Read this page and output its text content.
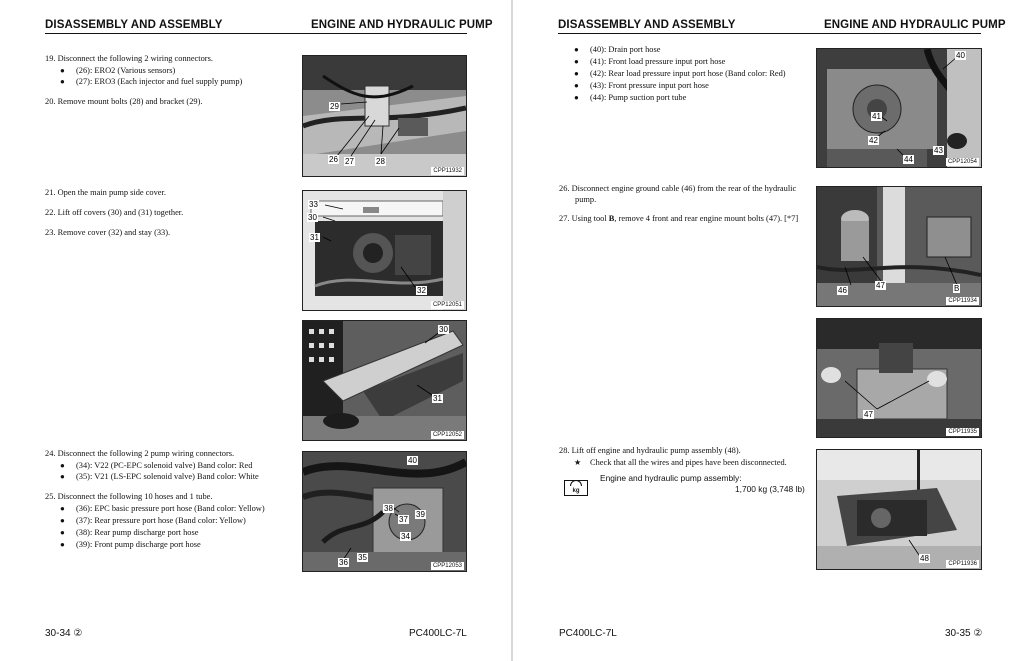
DISASSEMBLY AND ASSEMBLY	ENGINE AND HYDRAULIC PUMP
19. Disconnect the following 2 wiring connectors.
● (26): ERO2 (Various sensors)
● (27): ERO3 (Each injector and fuel supply pump)
20. Remove mount bolts (28) and bracket (29).
21. Open the main pump side cover.
22. Lift off covers (30) and (31) together.
23. Remove cover (32) and stay (33).
24. Disconnect the following 2 pump wiring connectors.
● (34): V22 (PC-EPC solenoid valve) Band color: Red
● (35): V21 (LS-EPC solenoid valve) Band color: White
25. Disconnect the following 10 hoses and 1 tube.
● (36): EPC basic pressure port hose (Band color: Yellow)
● (37): Rear pressure port hose (Band color: Yellow)
● (38): Rear pump discharge port hose
● (39): Front pump discharge port hose
29
26 27	28
CPP11932
33
30
31
32
CPP12051
30
31
CPP12052
40
38
37
39
34
35
36	CPP12053
30-34 ②	PC400LC-7L
DISASSEMBLY AND ASSEMBLY	ENGINE AND HYDRAULIC PUMP
● (40): Drain port hose
● (41): Front load pressure input port hose
● (42): Rear load pressure input port hose (Band color: Red)
● (43): Front pressure input port hose
● (44): Pump suction port tube
26. Disconnect engine ground cable (46) from the rear of the hydraulic
pump.
27. Using tool B, remove 4 front and rear engine mount bolts (47). [*7]
28. Lift off engine and hydraulic pump assembly (48).
★ Check that all the wires and pipes have been disconnected.
kg
Engine and hydraulic pump assembly:
1,700 kg (3,748 lb)
40
41
42
43
44	CPP12054
46
47	B
CPP11934
47
CPP11935
48
CPP11936
PC400LC-7L	30-35 ②
